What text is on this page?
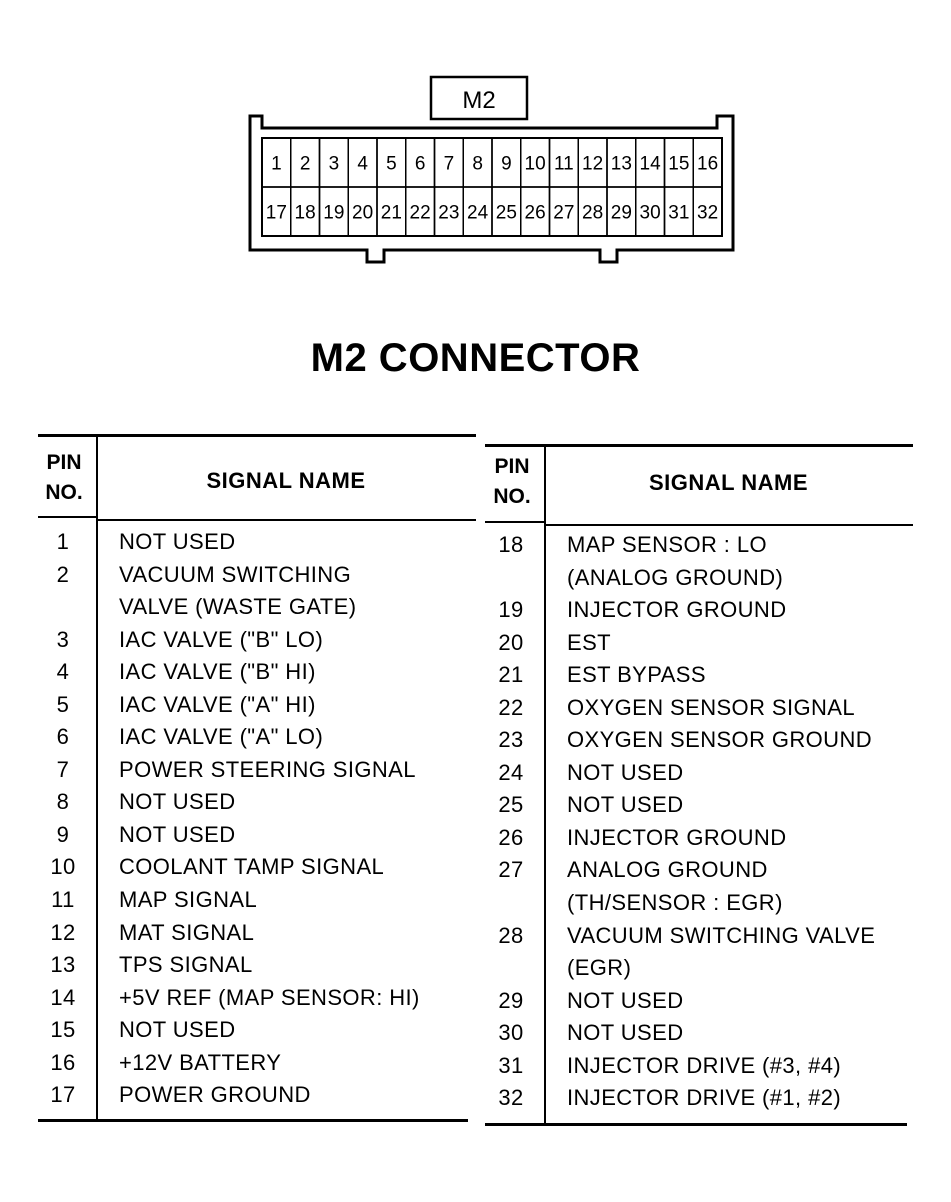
M2
1 2 3 4 5 6 7 8 9 10 11 12 13 14 15 16
17 18 19 20 21 22 23 24 25 26 27 28 29 30 31 32
M2 CONNECTOR
PIN
NO.	SIGNAL NAME
1	NOT USED
2	VACUUM SWITCHING
VALVE (WASTE GATE)
3	IAC VALVE ("B" LO)
4	IAC VALVE ("B" HI)
5	IAC VALVE ("A" HI)
6	IAC VALVE ("A" LO)
7	POWER STEERING SIGNAL
8	NOT USED
9	NOT USED
10	COOLANT TAMP SIGNAL
11	MAP SIGNAL
12	MAT SIGNAL
13	TPS SIGNAL
14	+5V REF (MAP SENSOR: HI)
15	NOT USED
16	+12V BATTERY
17	POWER GROUND
PIN
NO.
SIGNAL NAME
18	MAP SENSOR : LO
(ANALOG GROUND)
19	INJECTOR GROUND
20	EST
21	EST BYPASS
22	OXYGEN SENSOR SIGNAL
23	OXYGEN SENSOR GROUND
24	NOT USED
25	NOT USED
26	INJECTOR GROUND
27	ANALOG GROUND
(TH/SENSOR : EGR)
28	VACUUM SWITCHING VALVE
(EGR)
29	NOT USED
30	NOT USED
31	INJECTOR DRIVE (#3, #4)
32	INJECTOR DRIVE (#1, #2)
